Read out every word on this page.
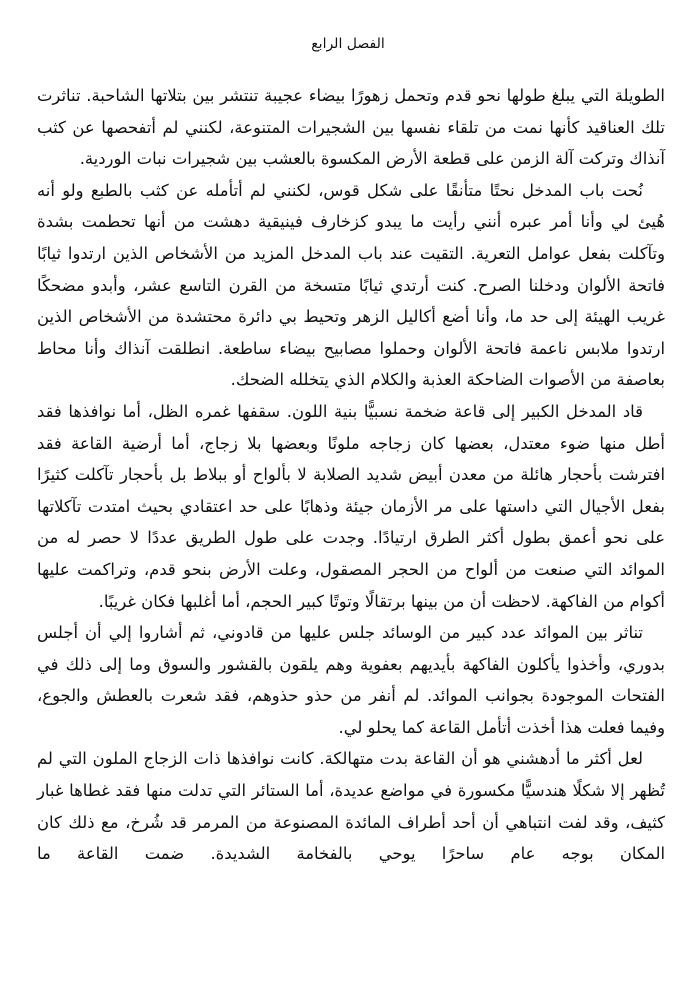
الفصل الرابع

الطويلة التي يبلغ طولها نحو قدم وتحمل زهورًا بيضاء عجيبة تنتشر بين بتلاتها الشاحبة. تناثرت تلك العناقيد كأنها نمت من تلقاء نفسها بين الشجيرات المتنوعة، لكنني لم أتفحصها عن كثب آنذاك وتركت آلة الزمن على قطعة الأرض المكسوة بالعشب بين شجيرات نبات الوردية.

نُحت باب المدخل نحتًا متأنقًا على شكل قوس، لكنني لم أتأمله عن كثب بالطبع ولو أنه هُيئ لي وأنا أمر عبره أنني رأيت ما يبدو كزخارف فينيقية دهشت من أنها تحطمت بشدة وتآكلت بفعل عوامل التعرية. التقيت عند باب المدخل المزيد من الأشخاص الذين ارتدوا ثيابًا فاتحة الألوان ودخلنا الصرح. كنت أرتدي ثيابًا متسخة من القرن التاسع عشر، وأبدو مضحكًا غريب الهيئة إلى حد ما، وأنا أضع أكاليل الزهر وتحيط بي دائرة محتشدة من الأشخاص الذين ارتدوا ملابس ناعمة فاتحة الألوان وحملوا مصابيح بيضاء ساطعة. انطلقت آنذاك وأنا محاط بعاصفة من الأصوات الضاحكة العذبة والكلام الذي يتخلله الضحك.

قاد المدخل الكبير إلى قاعة ضخمة نسبيًّا بنية اللون. سقفها غمره الظل، أما نوافذها فقد أطل منها ضوء معتدل، بعضها كان زجاجه ملونًا وبعضها بلا زجاج، أما أرضية القاعة فقد افترشت بأحجار هائلة من معدن أبيض شديد الصلابة لا بألواح أو ببلاط بل بأحجار تآكلت كثيرًا بفعل الأجيال التي داستها على مر الأزمان جيئة وذهابًا على حد اعتقادي بحيث امتدت تآكلاتها على نحو أعمق بطول أكثر الطرق ارتيادًا. وجدت على طول الطريق عددًا لا حصر له من الموائد التي صنعت من ألواح من الحجر المصقول، وعلت الأرض بنحو قدم، وتراكمت عليها أكوام من الفاكهة. لاحظت أن من بينها برتقالًا وتوتًا كبير الحجم، أما أغلبها فكان غريبًا.

تناثر بين الموائد عدد كبير من الوسائد جلس عليها من قادوني، ثم أشاروا إلي أن أجلس بدوري، وأخذوا يأكلون الفاكهة بأيديهم بعفوية وهم يلقون بالقشور والسوق وما إلى ذلك في الفتحات الموجودة بجوانب الموائد. لم أنفر من حذو حذوهم، فقد شعرت بالعطش والجوع، وفيما فعلت هذا أخذت أتأمل القاعة كما يحلو لي.

لعل أكثر ما أدهشني هو أن القاعة بدت متهالكة. كانت نوافذها ذات الزجاج الملون التي لم تُظهر إلا شكلًا هندسيًّا مكسورة في مواضع عديدة، أما الستائر التي تدلت منها فقد غطاها غبار كثيف، وقد لفت انتباهي أن أحد أطراف المائدة المصنوعة من المرمر قد شُرخ، مع ذلك كان المكان بوجه عام ساحرًا يوحي بالفخامة الشديدة. ضمت القاعة ما
